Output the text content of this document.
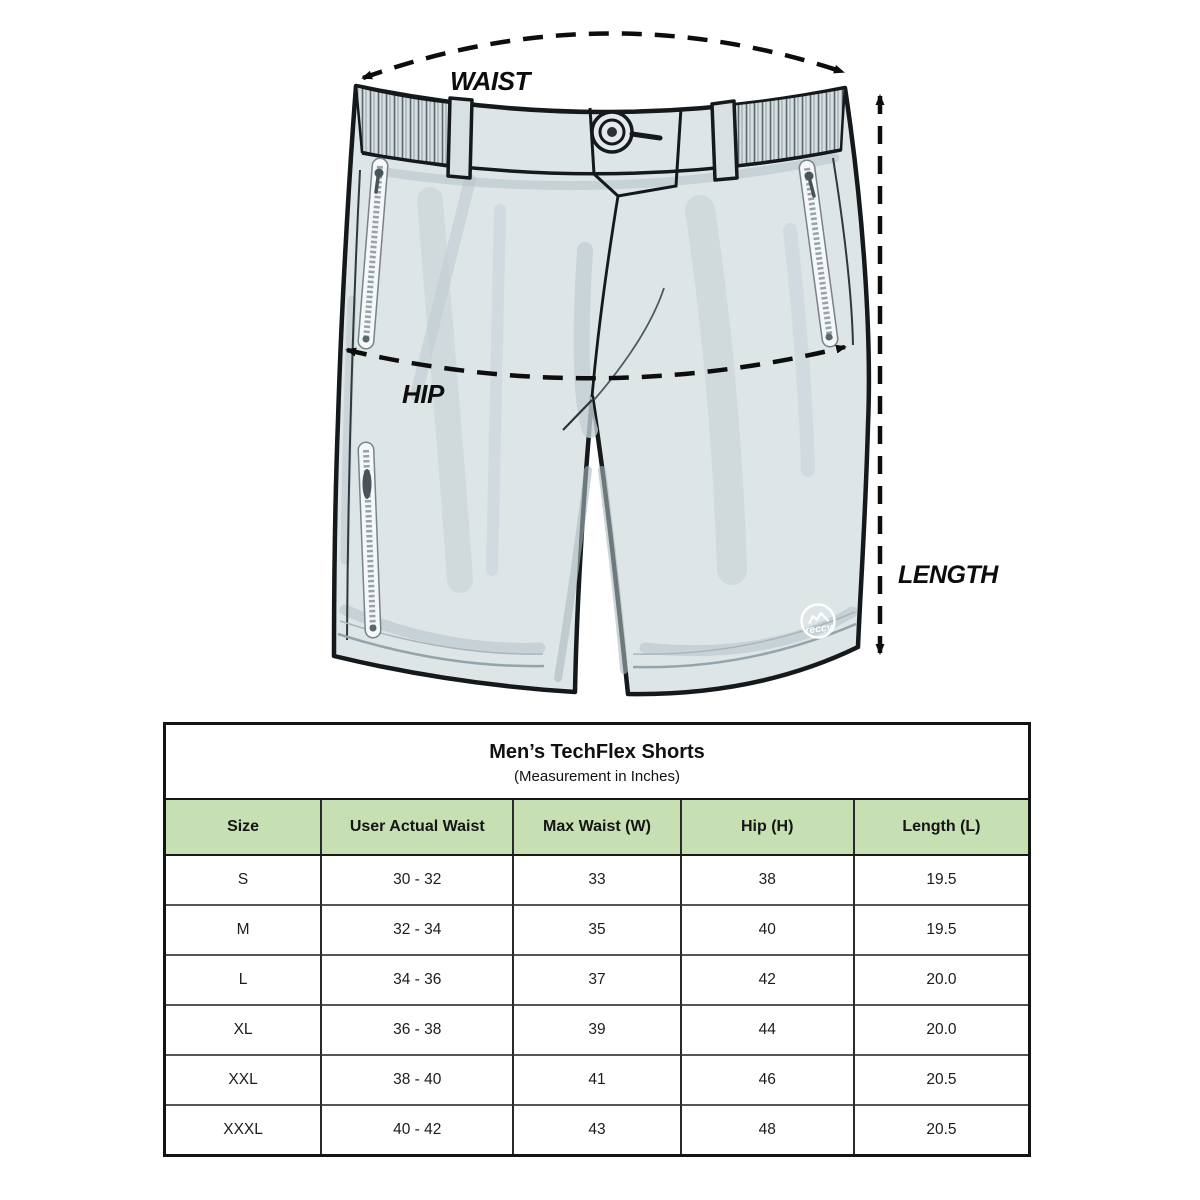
reccy
WAIST
HIP
LENGTH
Men’s TechFlex Shorts
(Measurement in Inches)
Size	User Actual Waist	Max Waist (W)	Hip (H)	Length (L)
S	30 - 32	33	38	19.5
M	32 - 34	35	40	19.5
L	34 - 36	37	42	20.0
XL	36 - 38	39	44	20.0
XXL	38 - 40	41	46	20.5
XXXL	40 - 42	43	48	20.5
